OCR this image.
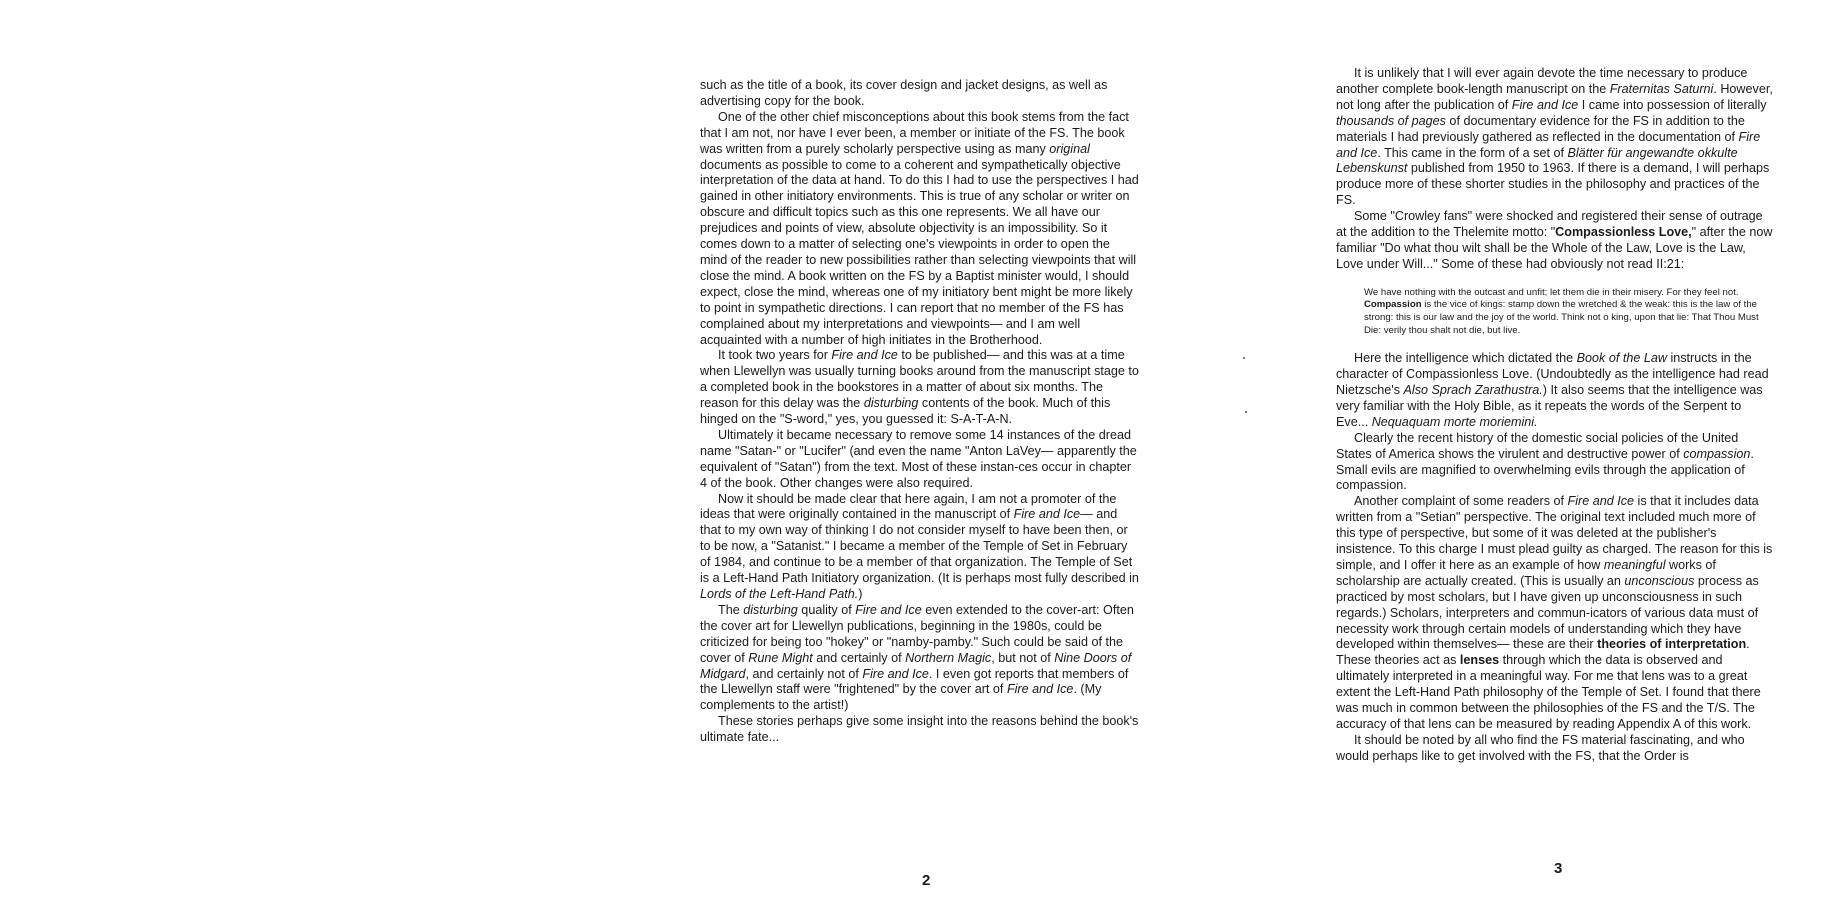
such as the title of a book, its cover design and jacket designs, as well as advertising copy for the book.

One of the other chief misconceptions about this book stems from the fact that I am not, nor have I ever been, a member or initiate of the FS. The book was written from a purely scholarly perspective using as many original documents as possible to come to a coherent and sympathetically objective interpretation of the data at hand. To do this I had to use the perspectives I had gained in other initiatory environments. This is true of any scholar or writer on obscure and difficult topics such as this one represents. We all have our prejudices and points of view, absolute objectivity is an impossibility. So it comes down to a matter of selecting one's viewpoints in order to open the mind of the reader to new possibilities rather than selecting viewpoints that will close the mind. A book written on the FS by a Baptist minister would, I should expect, close the mind, whereas one of my initiatory bent might be more likely to point in sympathetic directions. I can report that no member of the FS has complained about my interpretations and viewpoints— and I am well acquainted with a number of high initiates in the Brotherhood.

It took two years for Fire and Ice to be published— and this was at a time when Llewellyn was usually turning books around from the manuscript stage to a completed book in the bookstores in a matter of about six months. The reason for this delay was the disturbing contents of the book. Much of this hinged on the "S-word," yes, you guessed it: S-A-T-A-N.

Ultimately it became necessary to remove some 14 instances of the dread name "Satan-" or "Lucifer" (and even the name "Anton LaVey— apparently the equivalent of "Satan") from the text. Most of these instan-ces occur in chapter 4 of the book. Other changes were also required.

Now it should be made clear that here again, I am not a promoter of the ideas that were originally contained in the manuscript of Fire and Ice— and that to my own way of thinking I do not consider myself to have been then, or to be now, a "Satanist." I became a member of the Temple of Set in February of 1984, and continue to be a member of that organization. The Temple of Set is a Left-Hand Path Initiatory organization. (It is perhaps most fully described in Lords of the Left-Hand Path.)

The disturbing quality of Fire and Ice even extended to the cover-art: Often the cover art for Llewellyn publications, beginning in the 1980s, could be criticized for being too "hokey" or "namby-pamby." Such could be said of the cover of Rune Might and certainly of Northern Magic, but not of Nine Doors of Midgard, and certainly not of Fire and Ice. I even got reports that members of the Llewellyn staff were "frightened" by the cover art of Fire and Ice. (My complements to the artist!)

These stories perhaps give some insight into the reasons behind the book's ultimate fate...

2

It is unlikely that I will ever again devote the time necessary to produce another complete book-length manuscript on the Fraternitas Saturni. However, not long after the publication of Fire and Ice I came into possession of literally thousands of pages of documentary evidence for the FS in addition to the materials I had previously gathered as reflected in the documentation of Fire and Ice. This came in the form of a set of Blätter für angewandte okkulte Lebenskunst published from 1950 to 1963. If there is a demand, I will perhaps produce more of these shorter studies in the philosophy and practices of the FS.

Some "Crowley fans" were shocked and registered their sense of outrage at the addition to the Thelemite motto: "Compassionless Love," after the now familiar "Do what thou wilt shall be the Whole of the Law, Love is the Law, Love under Will..." Some of these had obviously not read II:21:

We have nothing with the outcast and unfit; let them die in their misery. For they feel not. Compassion is the vice of kings: stamp down the wretched & the weak: this is the law of the strong: this is our law and the joy of the world. Think not o king, upon that lie: That Thou Must Die: verily thou shalt not die, but live.

Here the intelligence which dictated the Book of the Law instructs in the character of Compassionless Love. (Undoubtedly as the intelligence had read Nietzsche's Also Sprach Zarathustra.) It also seems that the intelligence was very familiar with the Holy Bible, as it repeats the words of the Serpent to Eve... Nequaquam morte moriemini.

Clearly the recent history of the domestic social policies of the United States of America shows the virulent and destructive power of compassion. Small evils are magnified to overwhelming evils through the application of compassion.

Another complaint of some readers of Fire and Ice is that it includes data written from a "Setian" perspective. The original text included much more of this type of perspective, but some of it was deleted at the publisher's insistence. To this charge I must plead guilty as charged. The reason for this is simple, and I offer it here as an example of how meaningful works of scholarship are actually created. (This is usually an unconscious process as practiced by most scholars, but I have given up unconsciousness in such regards.) Scholars, interpreters and commun-icators of various data must of necessity work through certain models of understanding which they have developed within themselves— these are their theories of interpretation. These theories act as lenses through which the data is observed and ultimately interpreted in a meaningful way. For me that lens was to a great extent the Left-Hand Path philosophy of the Temple of Set. I found that there was much in common between the philosophies of the FS and the T/S. The accuracy of that lens can be measured by reading Appendix A of this work.

It should be noted by all who find the FS material fascinating, and who would perhaps like to get involved with the FS, that the Order is

3
